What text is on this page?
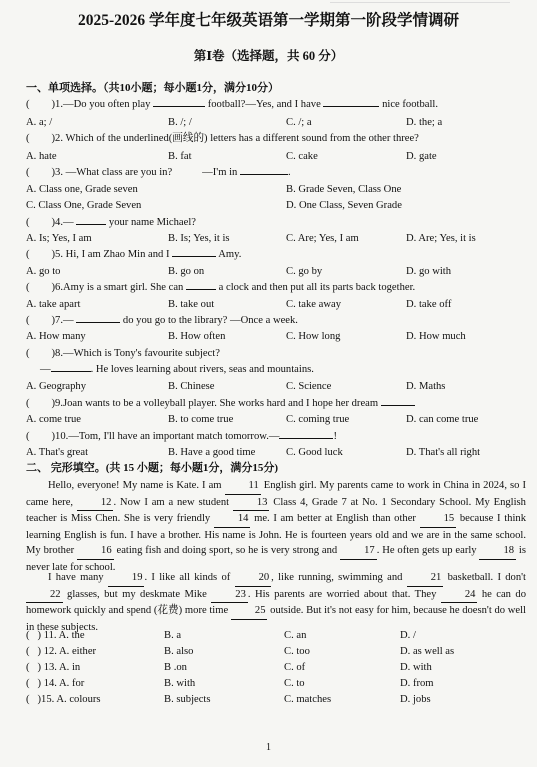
2025-2026 学年度七年级英语第一学期第一阶段学情调研
第Ⅰ卷（选择题，共 60 分）
一、单项选择。（共10小题；每小题1分，满分10分）
( )1.—Do you often play	football?—Yes, and I have	nice football.
A. a; /	B. /; /	C. /; a	D. the; a
( )2. Which of the underlined(画线的) letters has a different sound from the other three?
A. hate	B. fat	C. cake	D. gate
( )3. —What class are you in?	—I'm in	.
A. Class one, Grade seven	B. Grade Seven, Class One
C. Class One, Grade Seven	D. One Class, Seven Grade
( )4.—	your name Michael?
A. Is; Yes, I am	B. Is; Yes, it is	C. Are; Yes, I am	D. Are; Yes, it is
( )5. Hi, I am Zhao Min and I	Amy.
A. go to	B. go on	C. go by	D. go with
( )6.Amy is a smart girl. She can	a clock and then put all its parts back together.
A. take apart	B. take out	C. take away	D. take off
( )7.—	do you go to the library? —Once a week.
A. How many	B. How often	C. How long	D. How much
( )8.—Which is Tony's favourite subject?
—	. He loves learning about rivers, seas and mountains.
A. Geography	B. Chinese	C. Science	D. Maths
( )9.Joan wants to be a volleyball player. She works hard and I hope her dream
A. come true	B. to come true	C. coming true	D. can come true
( )10.—Tom, I'll have an important match tomorrow.—	!
A. That's great	B. Have a good time	C. Good luck	D. That's all right
二、 完形填空。(共 15 小题；每小题1分，满分15分)
Hello, everyone! My name is Kate. I am 11 English girl. My parents came to work in China in 2024, so I came here, 12 . Now I am a new student 13 Class 4, Grade 7 at No. 1 Secondary School. My English teacher is Miss Chen. She is very friendly 14 me. I am better at English than other 15 because I think learning English is fun. I have a brother. His name is John. He is fourteen years old and we are in the same school. My brother 16 eating fish and doing sport, so he is very strong and 17 . He often gets up early 18 is never late for school.
I have many 19 . I like all kinds of 20 , like running, swimming and 21 basketball. I don't 22 glasses, but my deskmate Mike 23 . His parents are worried about that. They 24 he can do homework quickly and spend (花费) more time 25 outside. But it's not easy for him, because he doesn't do well in these subjects.
( ) 11. A. the	B. a	C. an	D. /
( ) 12. A. either	B. also	C. too	D. as well as
( ) 13. A. in	B .on	C. of	D. with
( ) 14. A. for	B. with	C. to	D. from
( )15. A. colours	B. subjects	C. matches	D. jobs
1
